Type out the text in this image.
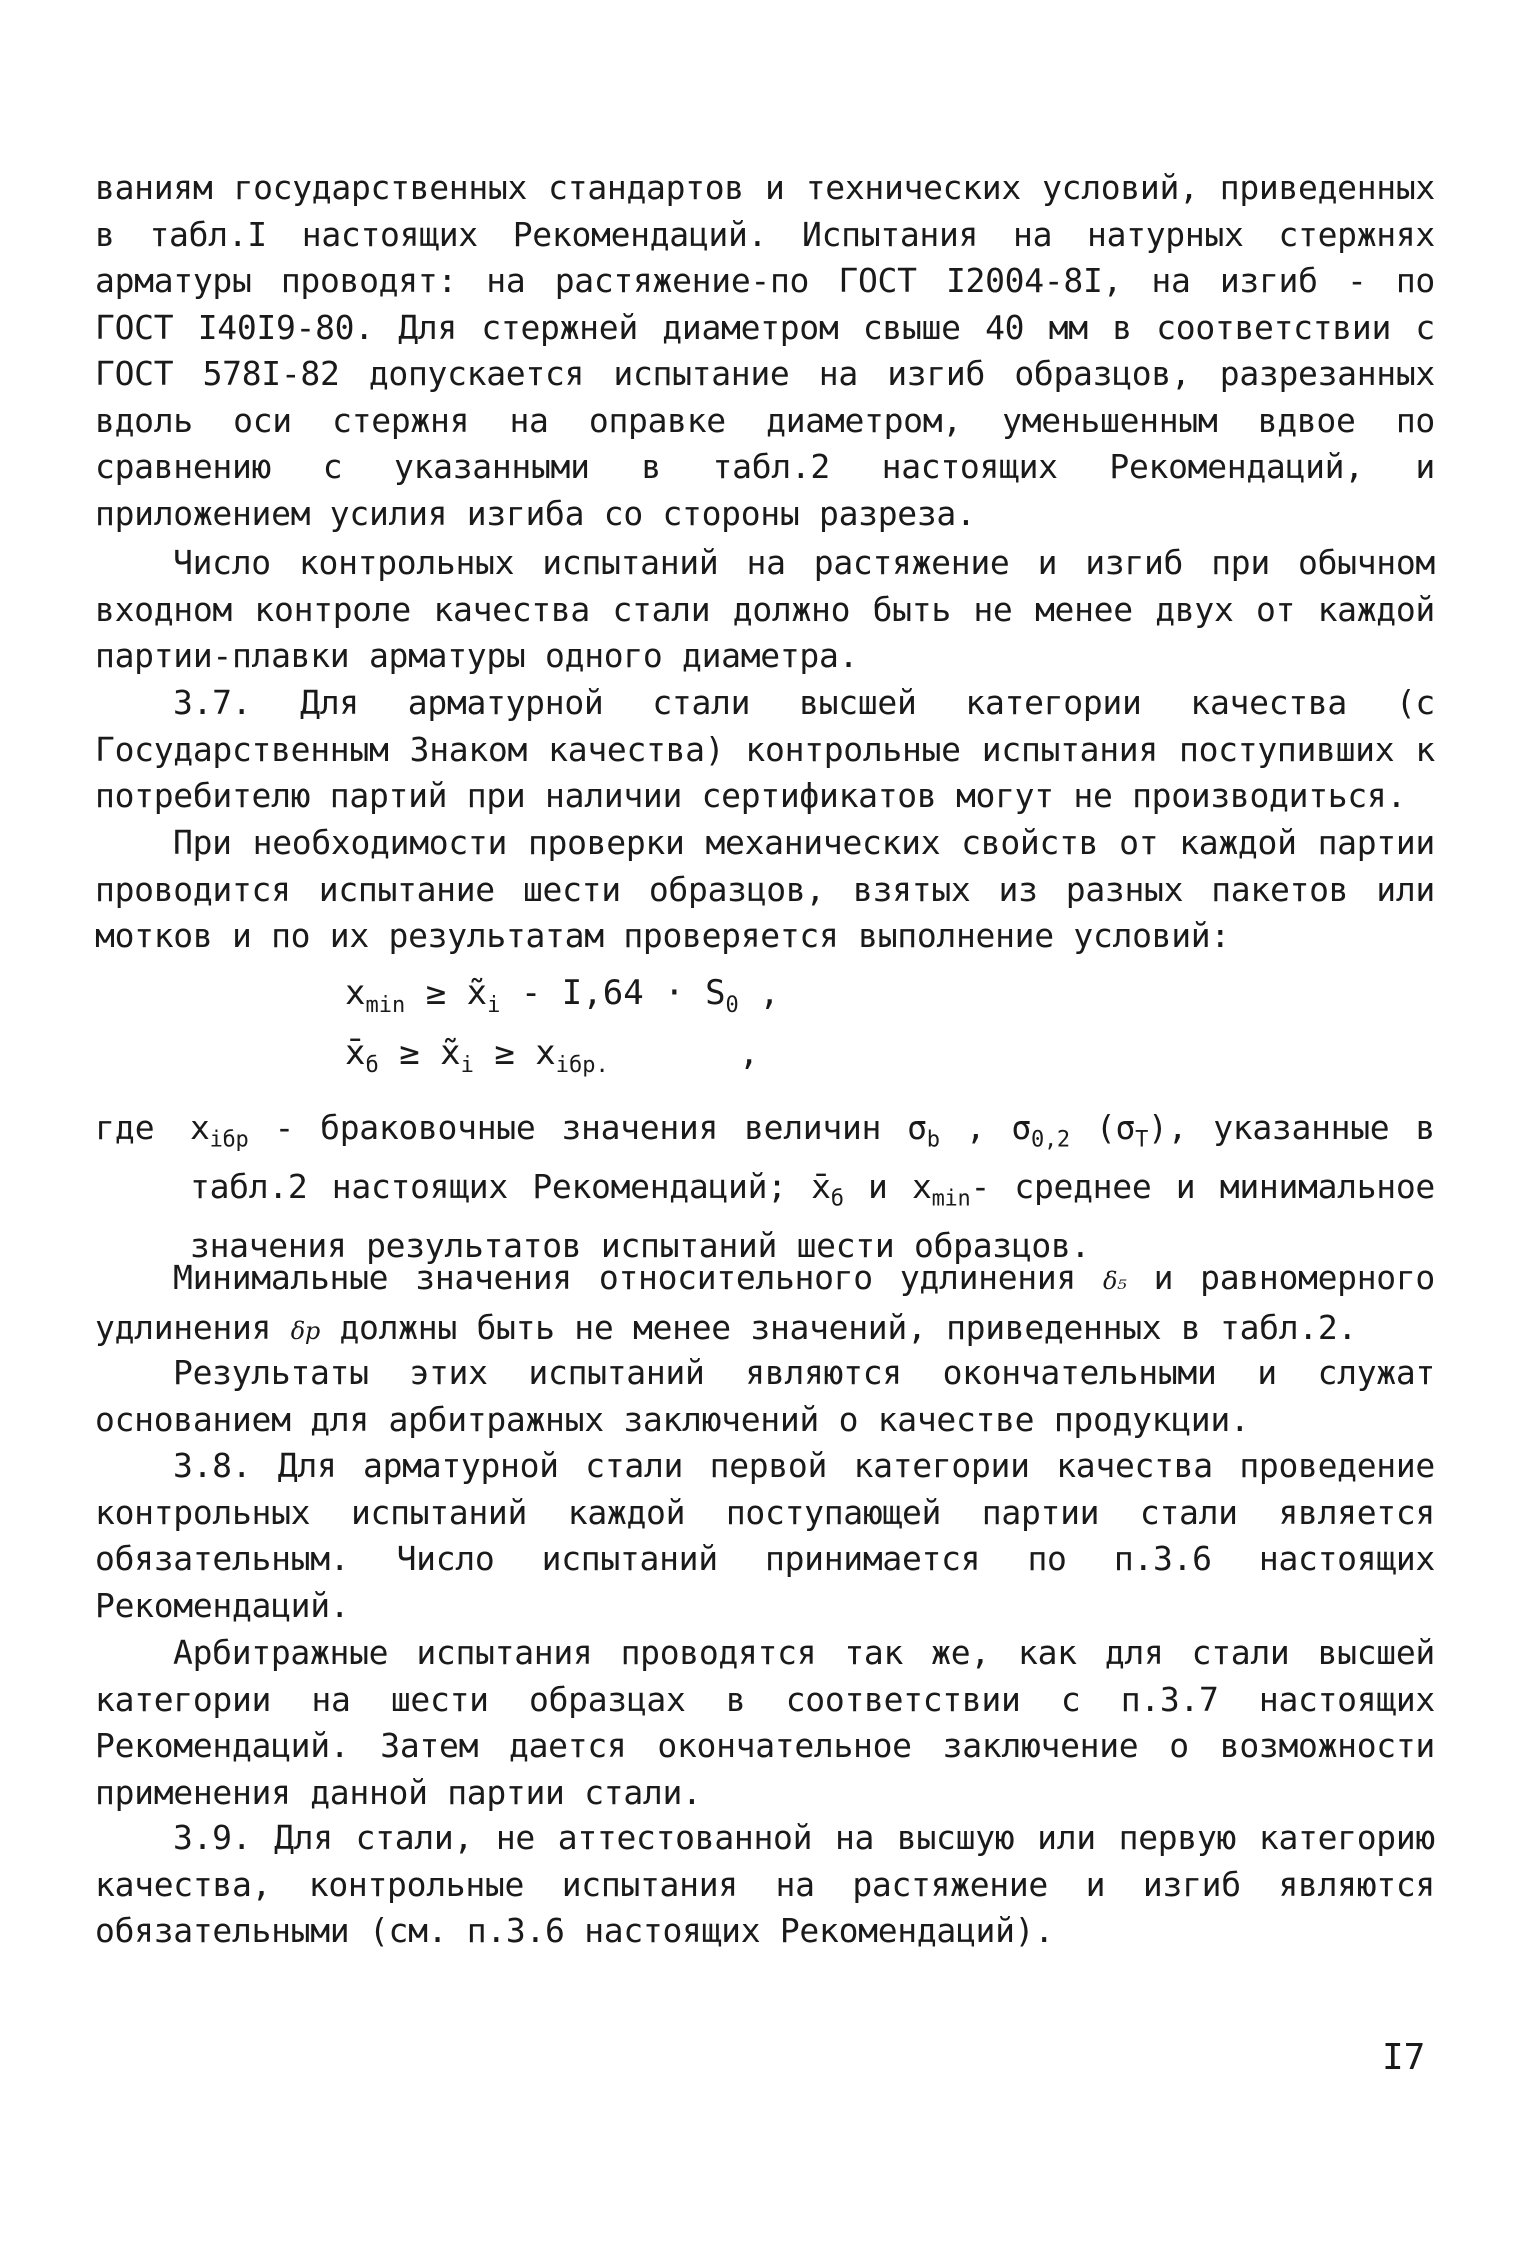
ваниям государственных стандартов и технических условий, приведенных в табл.I настоящих Рекомендаций. Испытания на натурных стержнях арматуры проводят: на растяжение-по ГОСТ I2004-8I, на изгиб - по ГОСТ I40I9-80. Для стержней диаметром свыше 40 мм в соответствии с ГОСТ 578I-82 допускается испытание на изгиб образцов, разрезанных вдоль оси стержня на оправке диаметром, уменьшенным вдвое по сравнению с указанными в табл.2 настоящих Рекомендаций, и приложением усилия изгиба со стороны разреза.
Число контрольных испытаний на растяжение и изгиб при обычном входном контроле качества стали должно быть не менее двух от каждой партии-плавки арматуры одного диаметра.
3.7. Для арматурной стали высшей категории качества (с Государственным Знаком качества) контрольные испытания поступивших к потребителю партий при наличии сертификатов могут не производиться.
При необходимости проверки механических свойств от каждой партии проводится испытание шести образцов, взятых из разных пакетов или мотков и по их результатам проверяется выполнение условий:
$x_{min}$ ≥ $x̃_i - I,64 \cdot S_0$ ,
$x̄_б$ ≥ $x̃_i \ge x_{iбр.}$	,
где $x_{iбр}$ - браковочные значения величин $\sigma_b$ , $\sigma_{0,2}$ $(\sigma_T)$, указанные в табл.2 настоящих Рекомендаций; $x̄_б$ и $x_{min}-$ среднее и минимальное значения результатов испытаний шести образцов.
Минимальные значения относительного удлинения δ₅ и равномерного удлинения δр должны быть не менее значений, приведенных в табл.2.
Результаты этих испытаний являются окончательными и служат основанием для арбитражных заключений о качестве продукции.
3.8. Для арматурной стали первой категории качества проведение контрольных испытаний каждой поступающей партии стали является обязательным. Число испытаний принимается по п.3.6 настоящих Рекомендаций.
Арбитражные испытания проводятся так же, как для стали высшей категории на шести образцах в соответствии с п.3.7 настоящих Рекомендаций. Затем дается окончательное заключение о возможности применения данной партии стали.
3.9. Для стали, не аттестованной на высшую или первую категорию качества, контрольные испытания на растяжение и изгиб являются обязательными (см. п.3.6 настоящих Рекомендаций).
I7
